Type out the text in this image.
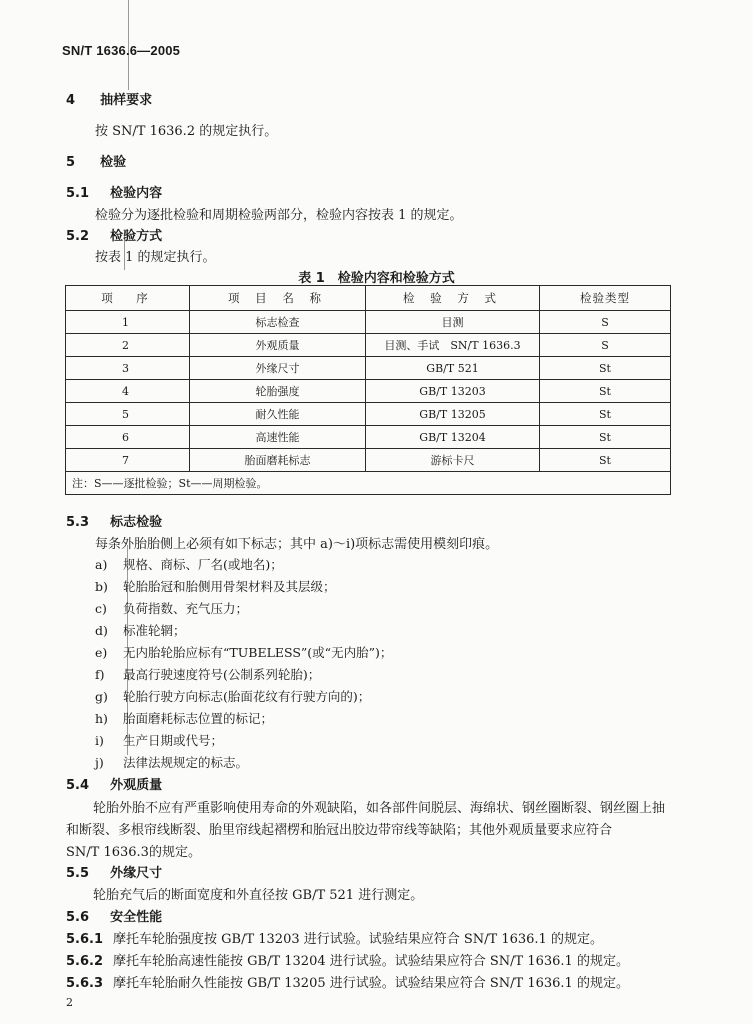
SN/T 1636.6—2005
4 抽样要求
按 SN/T 1636.2 的规定执行。
5 检验
5.1 检验内容
检验分为逐批检验和周期检验两部分，检验内容按表 1 的规定。
5.2 检验方式
按表 1 的规定执行。
表 1　检验内容和检验方式
项　序	项 目 名 称	检 验 方 式	检验类型
1	标志检查	目测	S
2	外观质量	目测、手试　SN/T 1636.3	S
3	外缘尺寸	GB/T 521	St
4	轮胎强度	GB/T 13203	St
5	耐久性能	GB/T 13205	St
6	高速性能	GB/T 13204	St
7	胎面磨耗标志	游标卡尺	St
注：S——逐批检验；St——周期检验。			
5.3 标志检验
每条外胎胎侧上必须有如下标志；其中 a)～i)项标志需使用模刻印痕。
a) 规格、商标、厂名(或地名)；
b) 轮胎胎冠和胎侧用骨架材料及其层级；
c) 负荷指数、充气压力；
d) 标准轮辋；
e) 无内胎轮胎应标有“TUBELESS”(或“无内胎”)；
f) 最高行驶速度符号(公制系列轮胎)；
g) 轮胎行驶方向标志(胎面花纹有行驶方向的)；
h) 胎面磨耗标志位置的标记；
i) 生产日期或代号；
j) 法律法规规定的标志。
5.4 外观质量
轮胎外胎不应有严重影响使用寿命的外观缺陷，如各部件间脱层、海绵状、钢丝圈断裂、钢丝圈上抽
和断裂、多根帘线断裂、胎里帘线起褶楞和胎冠出胶边带帘线等缺陷；其他外观质量要求应符合
SN/T 1636.3的规定。
5.5 外缘尺寸
轮胎充气后的断面宽度和外直径按 GB/T 521 进行测定。
5.6 安全性能
5.6.1 摩托车轮胎强度按 GB/T 13203 进行试验。试验结果应符合 SN/T 1636.1 的规定。
5.6.2 摩托车轮胎高速性能按 GB/T 13204 进行试验。试验结果应符合 SN/T 1636.1 的规定。
5.6.3 摩托车轮胎耐久性能按 GB/T 13205 进行试验。试验结果应符合 SN/T 1636.1 的规定。
2
